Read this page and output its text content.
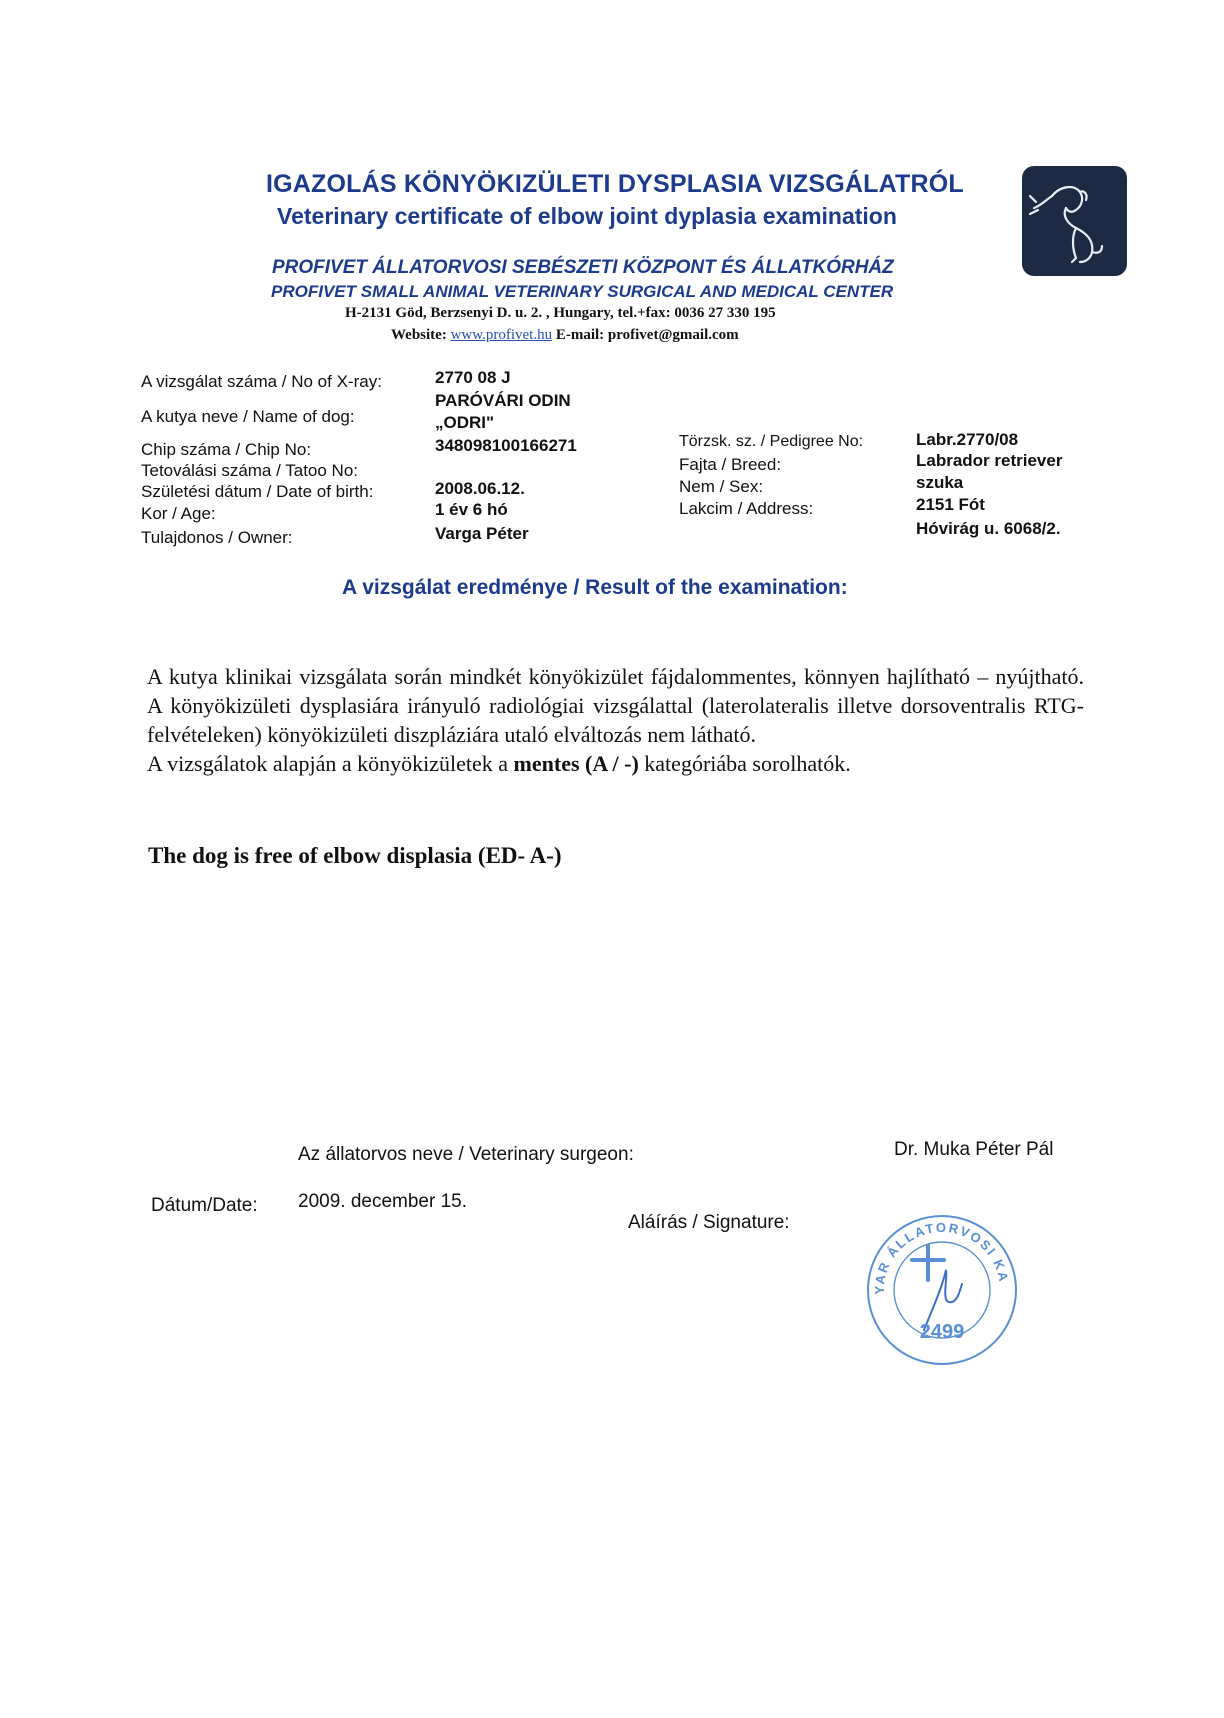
IGAZOLÁS KÖNYÖKIZÜLETI DYSPLASIA VIZSGÁLATRÓL
Veterinary certificate of elbow joint dyplasia examination
PROFIVET ÁLLATORVOSI SEBÉSZETI KÖZPONT ÉS ÁLLATKÓRHÁZ
PROFIVET SMALL ANIMAL VETERINARY SURGICAL AND MEDICAL CENTER
H-2131 Göd, Berzsenyi D. u. 2. , Hungary, tel.+fax: 0036 27 330 195
Website: www.profivet.hu E-mail: profivet@gmail.com
A vizsgálat száma / No of X-ray:	2770 08 J
A kutya neve / Name of dog:
PARÓVÁRI ODIN
„ODRI"
Chip száma / Chip No:	348098100166271
Tetoválási száma / Tatoo No:
Születési dátum / Date of birth:	2008.06.12.
Kor / Age:	1 év 6 hó
Tulajdonos / Owner:	Varga Péter
Törzsk. sz. / Pedigree No:	Labr.2770/08
Fajta / Breed:	Labrador retriever
Nem / Sex:	szuka
Lakcim / Address:	2151 Fót
Hóvirág u. 6068/2.
A vizsgálat eredménye / Result of the examination:

A kutya klinikai vizsgálata során mindkét könyökizület fájdalommentes, könnyen hajlítható – nyújtható. A könyökizületi dysplasiára irányuló radiológiai vizsgálattal (laterolateralis illetve dorsoventralis RTG-felvételeken) könyökizületi diszpláziára utaló elváltozás nem látható.

A vizsgálatok alapján a könyökizületek a mentes (A / -) kategóriába sorolhatók.

The dog is free of elbow displasia (ED- A-)
Az állatorvos neve / Veterinary surgeon:	Dr. Muka Péter Pál
Dátum/Date: 2009. december 15.
Aláírás / Signature:
YAR ÁLLATORVOSI KA
2499
